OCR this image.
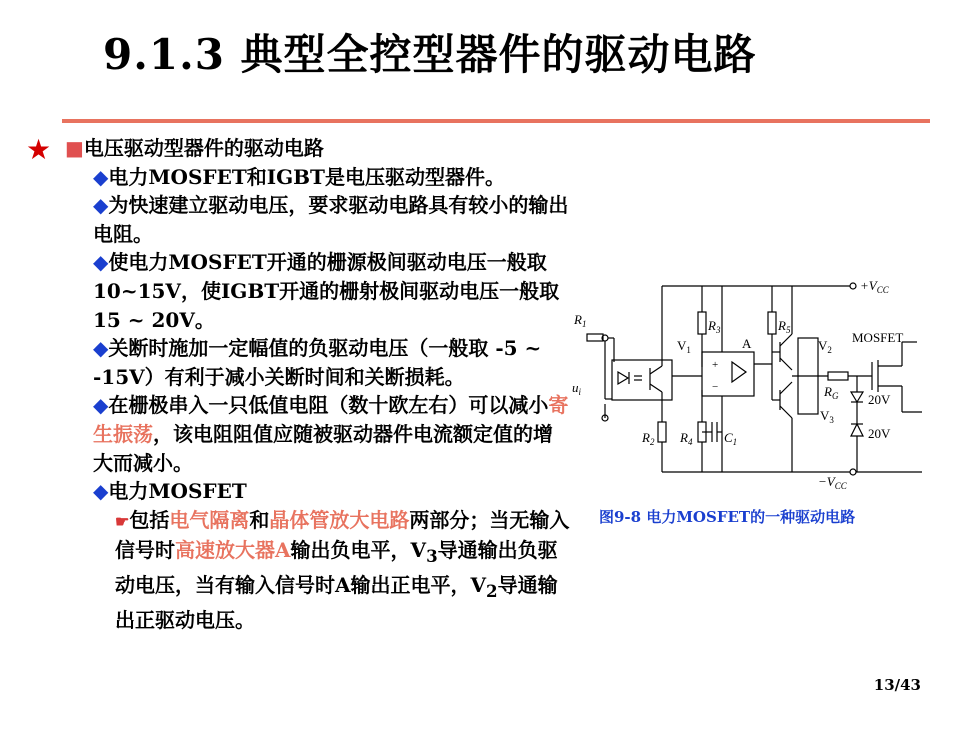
9.1.3 典型全控型器件的驱动电路
★ ■电压驱动型器件的驱动电路

◆电力MOSFET和IGBT是电压驱动型器件。

◆为快速建立驱动电压，要求驱动电路具有较小的输出电阻。

◆使电力MOSFET开通的栅源极间驱动电压一般取10~15V，使IGBT开通的栅射极间驱动电压一般取15 ~ 20V。

◆关断时施加一定幅值的负驱动电压（一般取 -5 ~ -15V）有利于减小关断时间和关断损耗。

◆在栅极串入一只低值电阻（数十欧左右）可以减小寄生振荡，该电阻阻值应随被驱动器件电流额定值的增大而减小。

◆电力MOSFET

☛包括电气隔离和晶体管放大电路两部分；当无输入信号时高速放大器A输出负电平，$V_3$导通输出负驱动电压，当有输入信号时A输出正电平，$V_2$导通输出正驱动电压。

$R_1$
$u_i$
$R_2$
$V_1$
$R_3$
$R_4$ $C_1$
A
+
−
$R_5$
$V_2$
$V_3$
$R_G$
$+V_{CC}$
$-V_{CC}$
MOSFET
20V
20V
图9-8 电力MOSFET的一种驱动电路
13/43
